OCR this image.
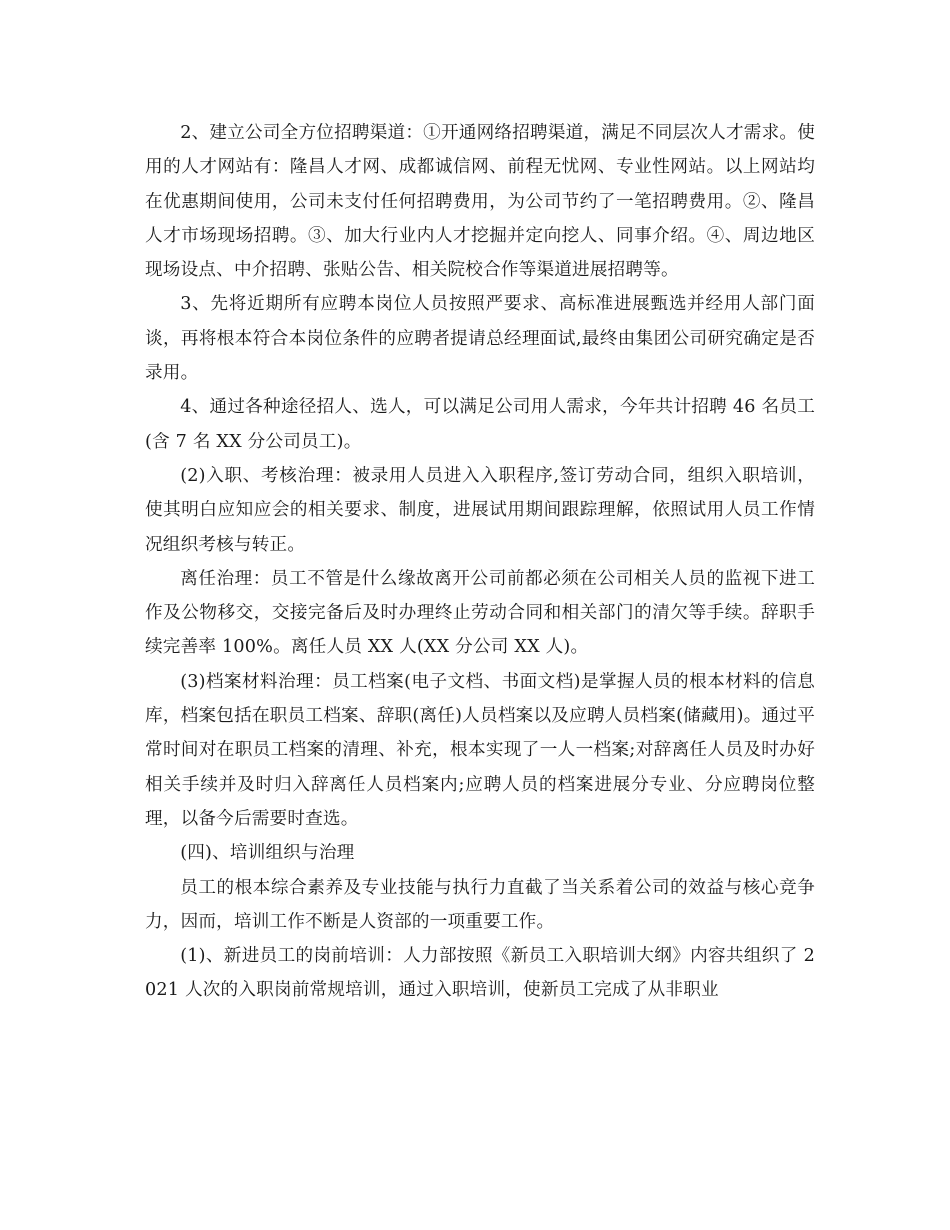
2、建立公司全方位招聘渠道：①开通网络招聘渠道，满足不同层次人才需求。使用的人才网站有：隆昌人才网、成都诚信网、前程无忧网、专业性网站。以上网站均在优惠期间使用，公司未支付任何招聘费用，为公司节约了一笔招聘费用。②、隆昌人才市场现场招聘。③、加大行业内人才挖掘并定向挖人、同事介绍。④、周边地区现场设点、中介招聘、张贴公告、相关院校合作等渠道进展招聘等。

3、先将近期所有应聘本岗位人员按照严要求、高标准进展甄选并经用人部门面谈，再将根本符合本岗位条件的应聘者提请总经理面试,最终由集团公司研究确定是否录用。

4、通过各种途径招人、选人，可以满足公司用人需求，今年共计招聘 46 名员工(含 7 名 XX 分公司员工)。

(2)入职、考核治理：被录用人员进入入职程序,签订劳动合同，组织入职培训，使其明白应知应会的相关要求、制度，进展试用期间跟踪理解，依照试用人员工作情况组织考核与转正。

离任治理：员工不管是什么缘故离开公司前都必须在公司相关人员的监视下进工作及公物移交，交接完备后及时办理终止劳动合同和相关部门的清欠等手续。辞职手续完善率 100%。离任人员 XX 人(XX 分公司 XX 人)。

(3)档案材料治理：员工档案(电子文档、书面文档)是掌握人员的根本材料的信息库，档案包括在职员工档案、辞职(离任)人员档案以及应聘人员档案(储藏用)。通过平常时间对在职员工档案的清理、补充，根本实现了一人一档案;对辞离任人员及时办好相关手续并及时归入辞离任人员档案内;应聘人员的档案进展分专业、分应聘岗位整理，以备今后需要时查选。

(四)、培训组织与治理

员工的根本综合素养及专业技能与执行力直截了当关系着公司的效益与核心竞争力，因而，培训工作不断是人资部的一项重要工作。

(1)、新进员工的岗前培训：人力部按照《新员工入职培训大纲》内容共组织了 2021 人次的入职岗前常规培训，通过入职培训，使新员工完成了从非职业
